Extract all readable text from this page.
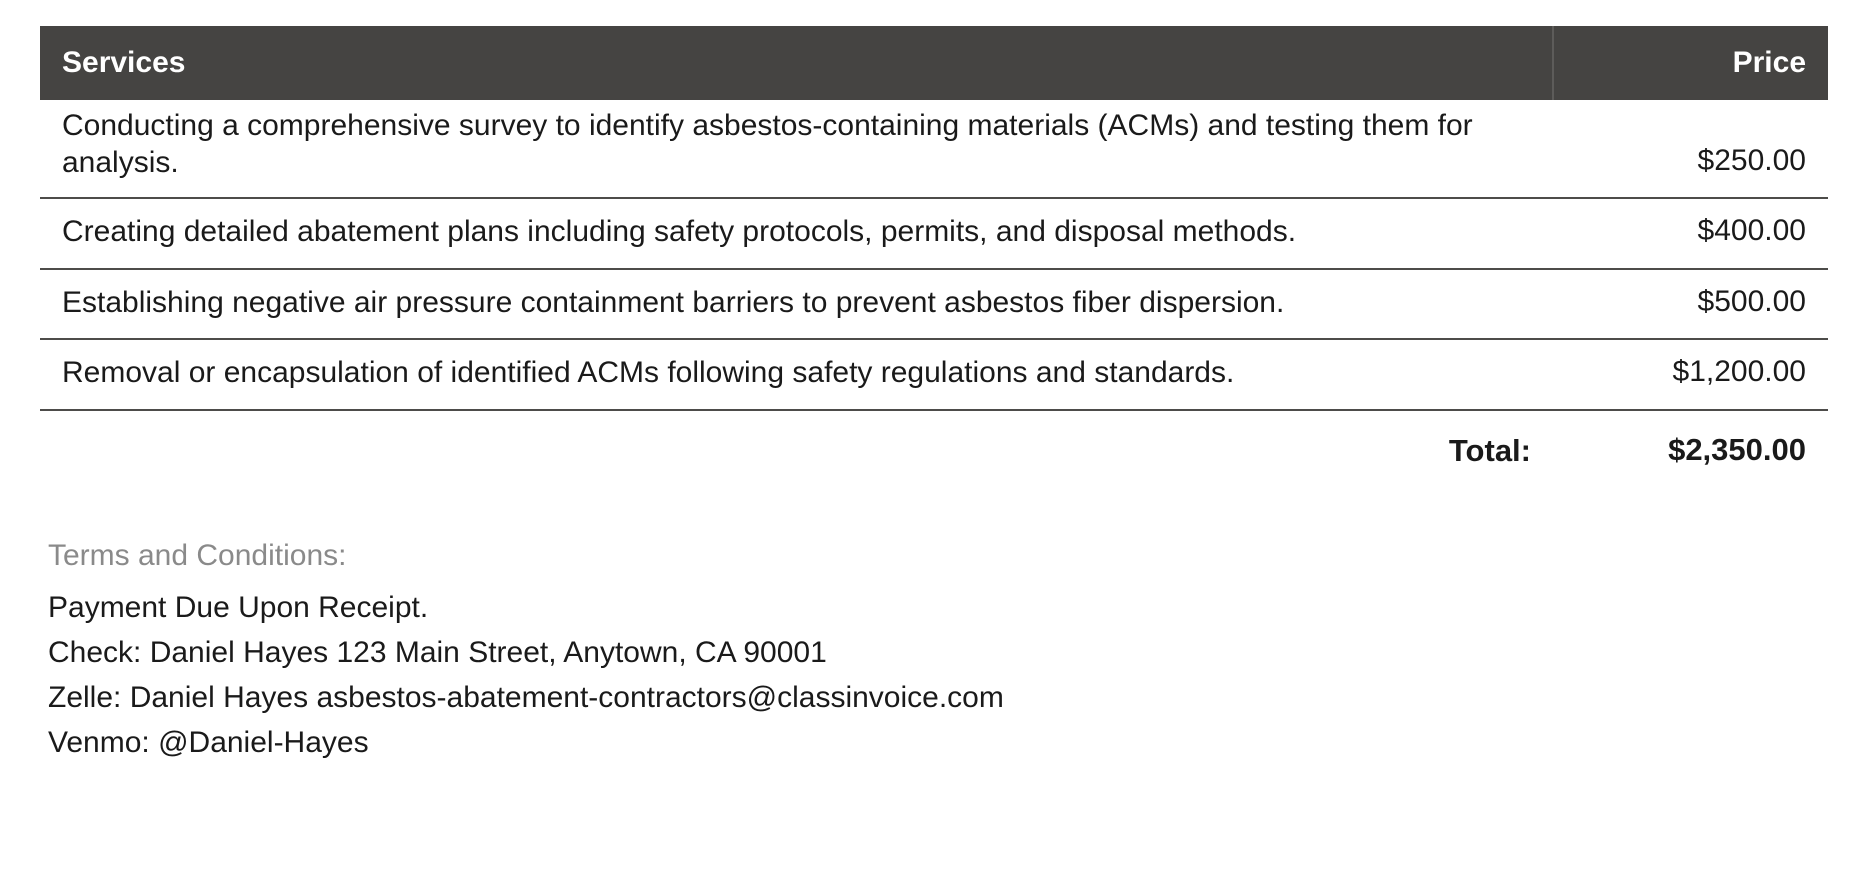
Services	Price
Conducting a comprehensive survey to identify asbestos-containing materials (ACMs) and testing them for analysis.	$250.00
Creating detailed abatement plans including safety protocols, permits, and disposal methods.	$400.00
Establishing negative air pressure containment barriers to prevent asbestos fiber dispersion.	$500.00
Removal or encapsulation of identified ACMs following safety regulations and standards.	$1,200.00
Total:	$2,350.00
Terms and Conditions:
Payment Due Upon Receipt.
Check: Daniel Hayes 123 Main Street, Anytown, CA 90001
Zelle: Daniel Hayes asbestos-abatement-contractors@classinvoice.com
Venmo: @Daniel-Hayes
